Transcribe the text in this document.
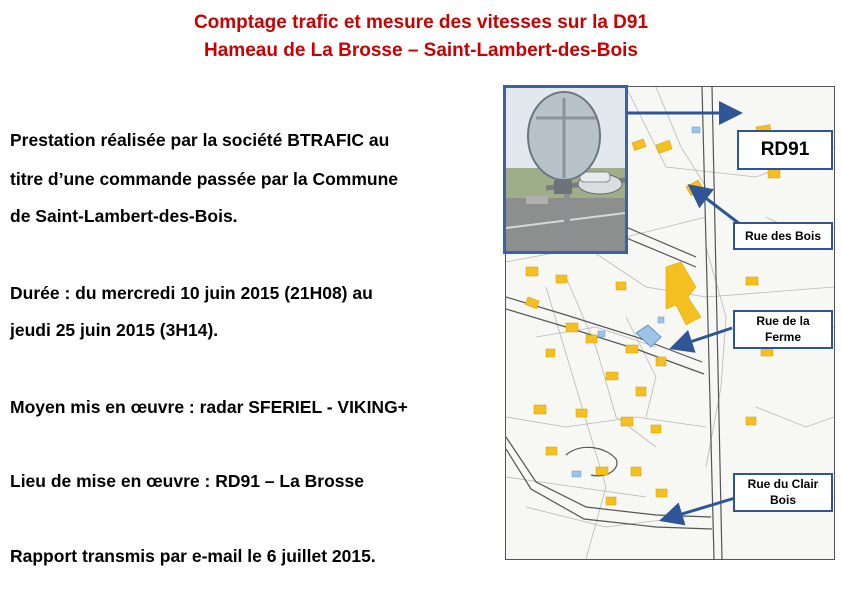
Comptage trafic et mesure des vitesses sur la D91
Hameau de La Brosse – Saint-Lambert-des-Bois
Prestation réalisée par la société BTRAFIC au
titre d’une commande passée par la Commune
de Saint-Lambert-des-Bois.
Durée : du mercredi 10 juin 2015 (21H08) au
jeudi 25 juin 2015 (3H14).
Moyen mis en œuvre : radar SFERIEL - VIKING+
Lieu de mise en œuvre : RD91 – La Brosse
Rapport transmis par e-mail le 6 juillet 2015.
RD91
Rue des Bois
Rue de la
Ferme
Rue du Clair
Bois
